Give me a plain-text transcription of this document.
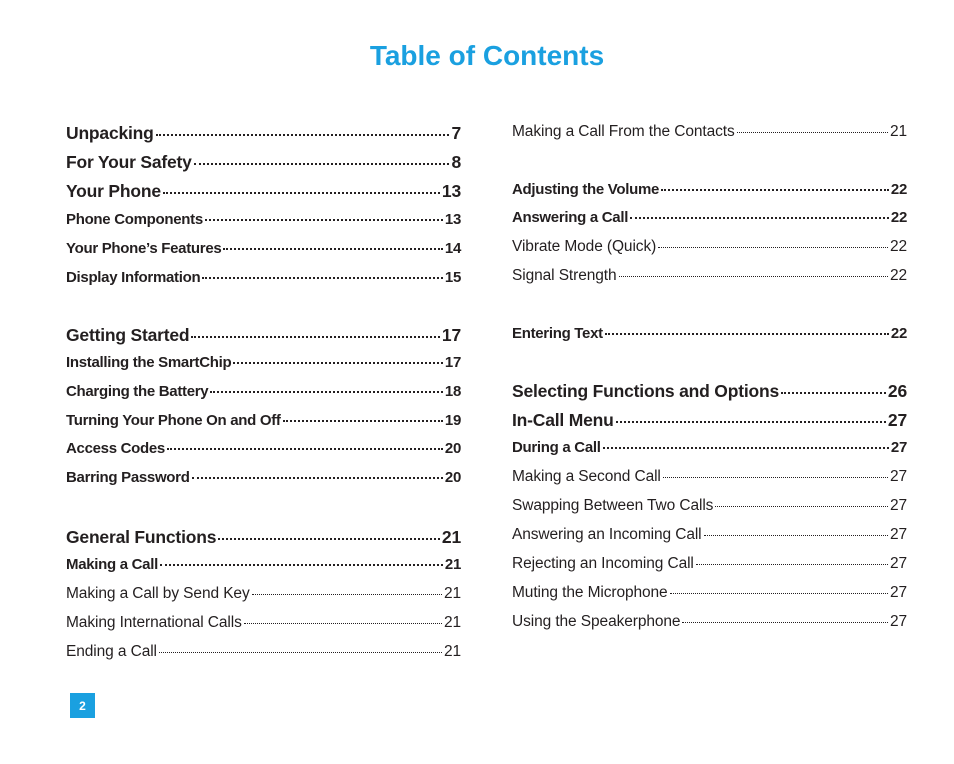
Table of Contents
Unpacking	7
For Your Safety	8
Your Phone	13
Phone Components	13
Your Phone’s Features	14
Display Information	15
Getting Started	17
Installing the SmartChip	17
Charging the Battery	18
Turning Your Phone On and Off	19
Access Codes	20
Barring Password	20
General Functions	21
Making a Call	21
Making a Call by Send Key	21
Making International Calls	21
Ending a Call	21
Making a Call From the Contacts	21
Adjusting the Volume	22
Answering a Call	22
Vibrate Mode (Quick)	22
Signal Strength	22
Entering Text	22
Selecting Functions and Options	26
In-Call Menu	27
During a Call	27
Making a Second Call	27
Swapping Between Two Calls	27
Answering an Incoming Call	27
Rejecting an Incoming Call	27
Muting the Microphone	27
Using the Speakerphone	27
2
